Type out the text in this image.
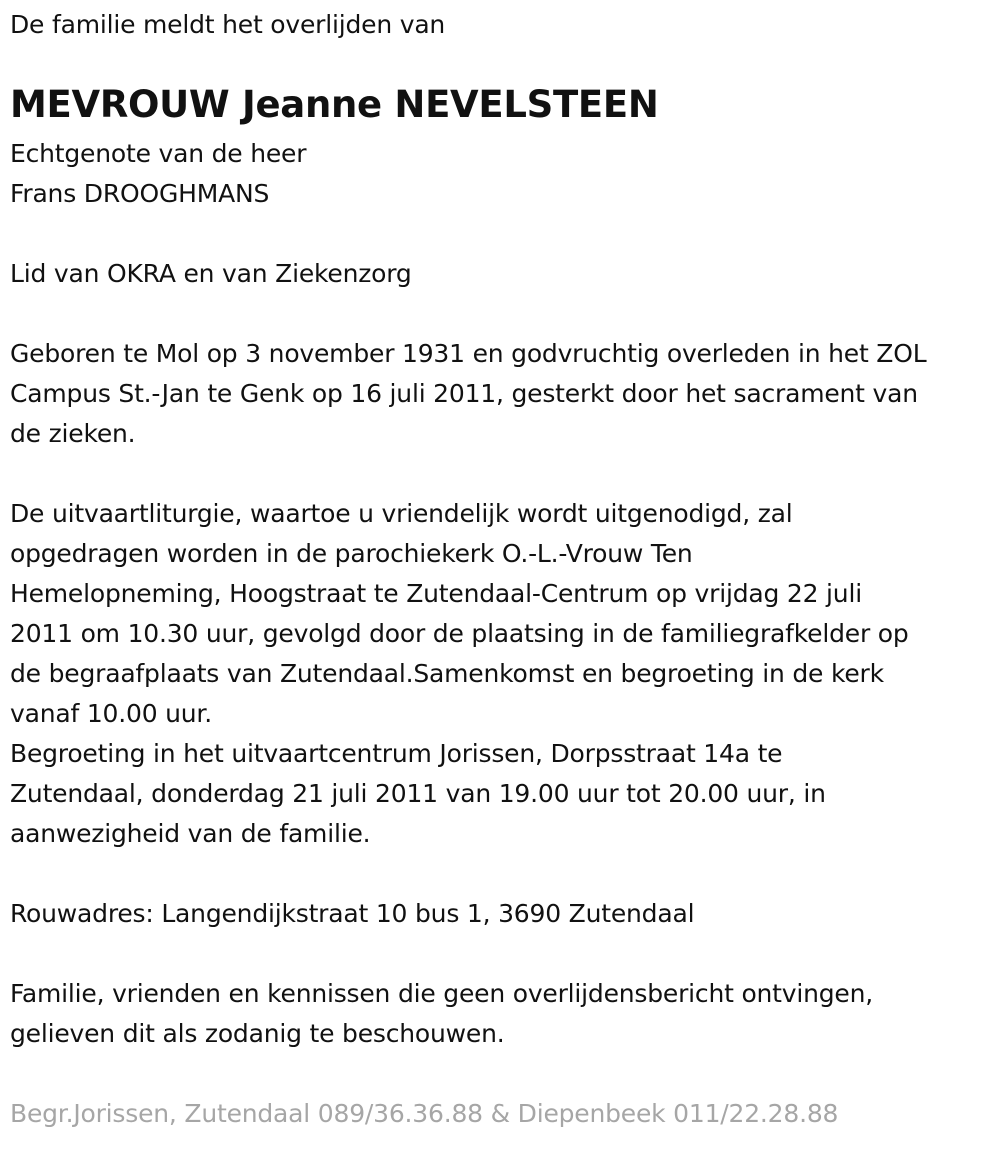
De familie meldt het overlijden van
MEVROUW Jeanne NEVELSTEEN
Echtgenote van de heer
Frans DROOGHMANS
Lid van OKRA en van Ziekenzorg
Geboren te Mol op 3 november 1931 en godvruchtig overleden in het ZOL
Campus St.-Jan te Genk op 16 juli 2011, gesterkt door het sacrament van
de zieken.
De uitvaartliturgie, waartoe u vriendelijk wordt uitgenodigd, zal
opgedragen worden in de parochiekerk O.-L.-Vrouw Ten
Hemelopneming, Hoogstraat te Zutendaal-Centrum op vrijdag 22 juli
2011 om 10.30 uur, gevolgd door de plaatsing in de familiegrafkelder op
de begraafplaats van Zutendaal.Samenkomst en begroeting in de kerk
vanaf 10.00 uur.
Begroeting in het uitvaartcentrum Jorissen, Dorpsstraat 14a te
Zutendaal, donderdag 21 juli 2011 van 19.00 uur tot 20.00 uur, in
aanwezigheid van de familie.
Rouwadres: Langendijkstraat 10 bus 1, 3690 Zutendaal
Familie, vrienden en kennissen die geen overlijdensbericht ontvingen,
gelieven dit als zodanig te beschouwen.
Begr.Jorissen, Zutendaal 089/36.36.88 & Diepenbeek 011/22.28.88
